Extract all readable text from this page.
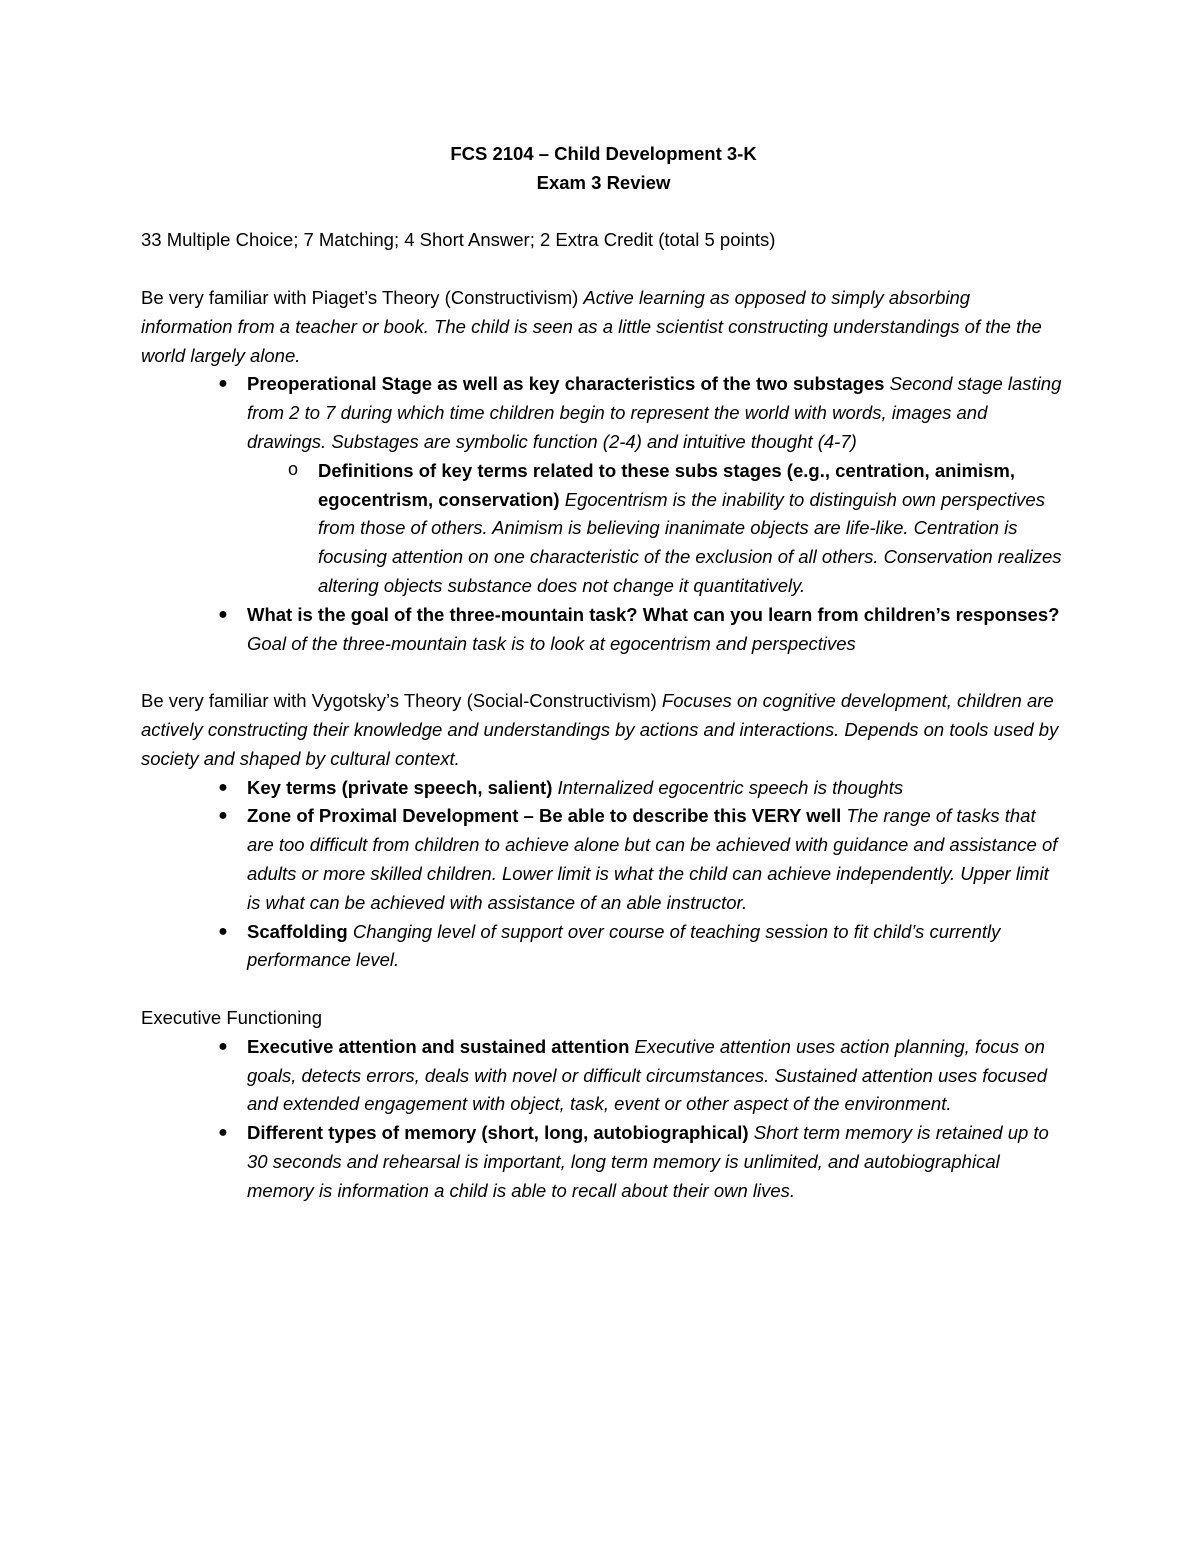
FCS 2104 – Child Development 3-K

Exam 3 Review

33 Multiple Choice; 7 Matching; 4 Short Answer; 2 Extra Credit (total 5 points)

Be very familiar with Piaget’s Theory (Constructivism) Active learning as opposed to simply absorbing information from a teacher or book. The child is seen as a little scientist constructing understandings of the the world largely alone.

● Preoperational Stage as well as key characteristics of the two substages Second stage lasting from 2 to 7 during which time children begin to represent the world with words, images and drawings. Substages are symbolic function (2-4) and intuitive thought (4-7)
o Definitions of key terms related to these subs stages (e.g., centration, animism, egocentrism, conservation) Egocentrism is the inability to distinguish own perspectives from those of others. Animism is believing inanimate objects are life-like. Centration is focusing attention on one characteristic of the exclusion of all others. Conservation realizes altering objects substance does not change it quantitatively.
● What is the goal of the three-mountain task? What can you learn from children’s responses? Goal of the three-mountain task is to look at egocentrism and perspectives

Be very familiar with Vygotsky’s Theory (Social-Constructivism) Focuses on cognitive development, children are actively constructing their knowledge and understandings by actions and interactions. Depends on tools used by society and shaped by cultural context.

● Key terms (private speech, salient) Internalized egocentric speech is thoughts
● Zone of Proximal Development – Be able to describe this VERY well The range of tasks that are too difficult from children to achieve alone but can be achieved with guidance and assistance of adults or more skilled children. Lower limit is what the child can achieve independently. Upper limit is what can be achieved with assistance of an able instructor.
● Scaffolding Changing level of support over course of teaching session to fit child’s currently performance level.

Executive Functioning

● Executive attention and sustained attention Executive attention uses action planning, focus on goals, detects errors, deals with novel or difficult circumstances. Sustained attention uses focused and extended engagement with object, task, event or other aspect of the environment.
● Different types of memory (short, long, autobiographical) Short term memory is retained up to 30 seconds and rehearsal is important, long term memory is unlimited, and autobiographical memory is information a child is able to recall about their own lives.
